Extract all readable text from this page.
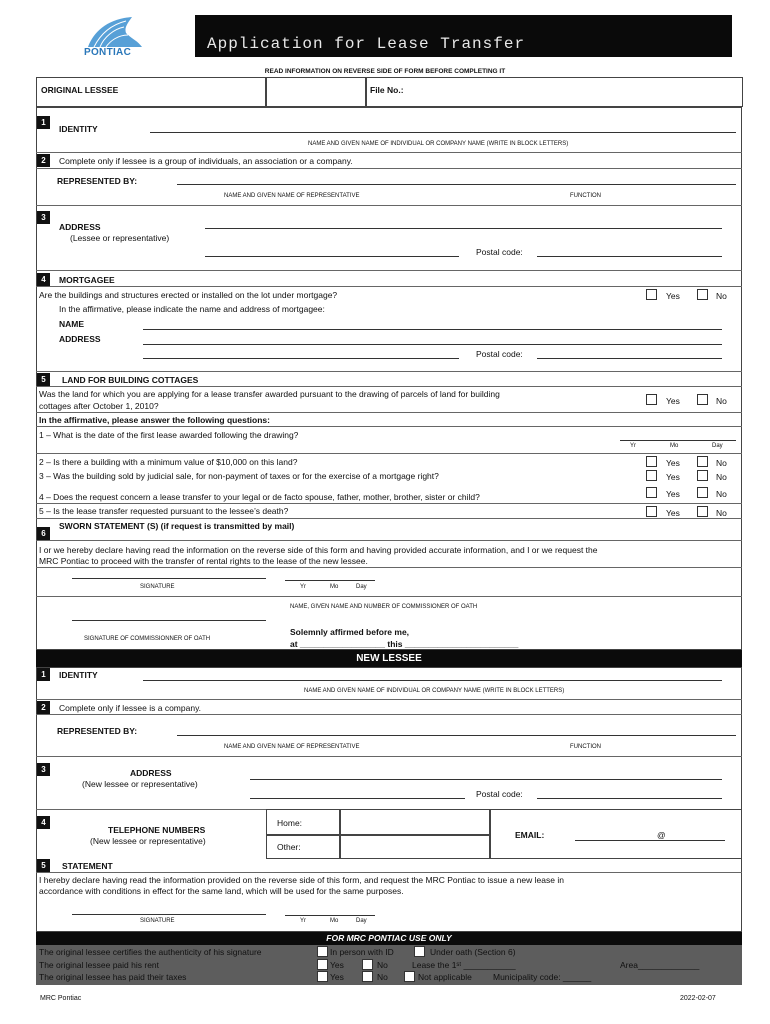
PONTIAC	Application for Lease Transfer
READ INFORMATION ON REVERSE SIDE OF FORM BEFORE COMPLETING IT
ORIGINAL LESSEE	File No.:
1
IDENTITY
NAME AND GIVEN NAME OF INDIVIDUAL OR COMPANY NAME (WRITE IN BLOCK LETTERS)
2	Complete only if lessee is a group of individuals, an association or a company.
REPRESENTED BY:
NAME AND GIVEN NAME OF REPRESENTATIVE	FUNCTION
3
ADDRESS
(Lessee or representative)
Postal code:
4	MORTGAGEE
Are the buildings and structures erected or installed on the lot under mortgage?	Yes	No
In the affirmative, please indicate the name and address of mortgagee:
NAME
ADDRESS
Postal code:
5	LAND FOR BUILDING COTTAGES
Was the land for which you are applying for a lease transfer awarded pursuant to the drawing of parcels of land for building
cottages after October 1, 2010?	Yes	No
In the affirmative, please answer the following questions:
1 – What is the date of the first lease awarded following the drawing?
Yr	Mo	Day
2 – Is there a building with a minimum value of $10,000 on this land?	Yes	No
3 – Was the building sold by judicial sale, for non-payment of taxes or for the exercise of a mortgage right?	Yes	No
4 – Does the request concern a lease transfer to your legal or de facto spouse, father, mother, brother, sister or child?	Yes	No
5 – Is the lease transfer requested pursuant to the lessee’s death?	Yes	No
SWORN STATEMENT (S) (if request is transmitted by mail)
6
I or we hereby declare having read the information on the reverse side of this form and having provided accurate information, and I or we request the
MRC Pontiac to proceed with the transfer of rental rights to the lease of the new lessee.
SIGNATURE	Yr	Mo	Day
NAME, GIVEN NAME AND NUMBER OF COMMISSIONER OF OATH
SIGNATURE OF COMMISSIONNER OF OATH
Solemnly affirmed before me,
at __________________ this ________________________
NEW LESSEE
1	IDENTITY
NAME AND GIVEN NAME OF INDIVIDUAL OR COMPANY NAME (WRITE IN BLOCK LETTERS)
2	Complete only if lessee is a company.
REPRESENTED BY:
NAME AND GIVEN NAME OF REPRESENTATIVE	FUNCTION
3	ADDRESS
(New lessee or representative)
Postal code:
4
TELEPHONE NUMBERS
(New lessee or representative)
Home:
Other:
EMAIL:	@
5	STATEMENT
I hereby declare having read the information provided on the reverse side of this form, and request the MRC Pontiac to issue a new lease in
accordance with conditions in effect for the same land, which will be used for the same purposes.
SIGNATURE	Yr	Mo	Day
FOR MRC PONTIAC USE ONLY
The original lessee certifies the authenticity of his signature	In person with ID	Under oath (Section 6)
The original lessee paid his rent	Yes	No	Lease the 1ˢᵗ ___________	Area_____________
The original lessee has paid their taxes	Yes	No	Not applicable Municipality code: ______
MRC Pontiac	2022-02-07
